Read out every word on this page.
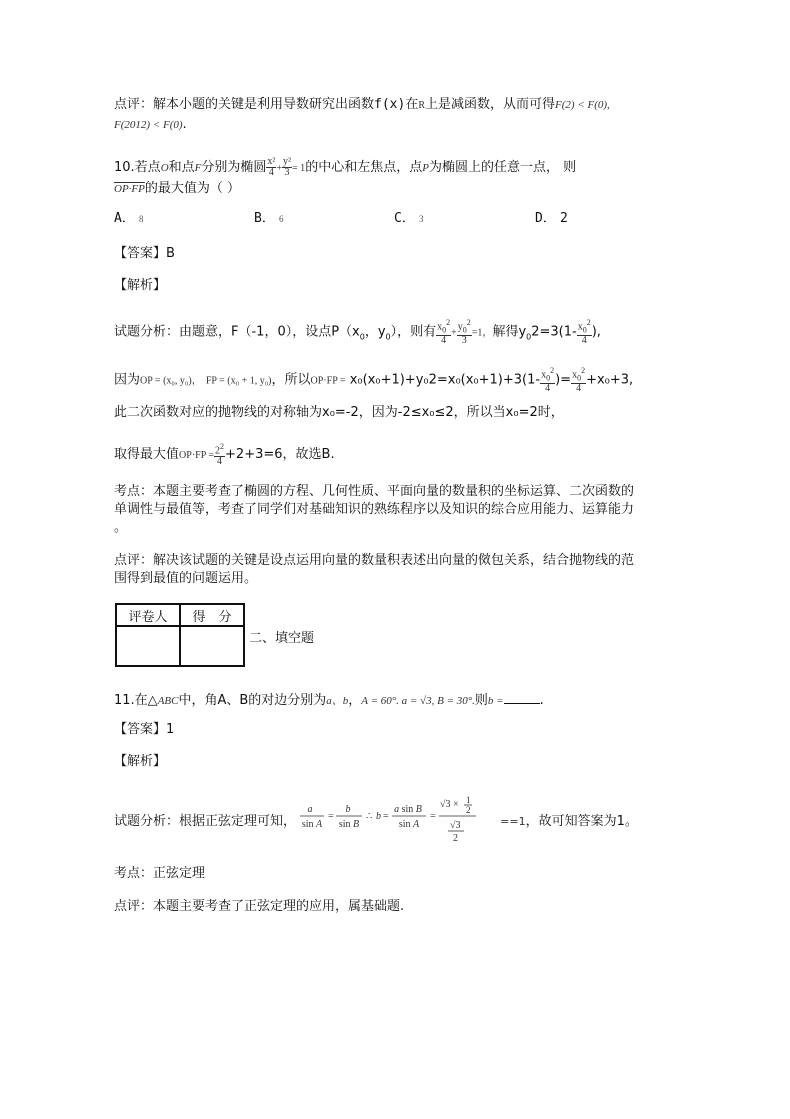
点评：解本小题的关键是利用导数研究出函数f(x)在R上是减函数，从而可得F(2) < F(0),
F(2012) < F(0).
10.若点O和点F分别为椭圆 $\frac{\text{x²}}{4} + \frac{\text{y²}}{3} = 1$的中心和左焦点，点P为椭圆上的任意一点， 则
OP·FP的最大值为（ ）
A． 8	B． 6	C． 3	D． 2
【答案】B
【解析】
试题分析：由题意，F（-1，0），设点$P(x_0$，$y_0$），则有 $\frac{x_0^2}{4} + \frac{y_0^2}{3} =1$，解得$y_02=3(1- \frac{x_0^2}{4}$ ),
因为OP = (x₀, y₀)， FP = (x₀ + 1, y₀)，所以$OP\cdot FP = x_0(x_0+1)+y_02=x_0(x_0+1)+3(1- \frac{x_0^2}{4}$ )= $\frac{x_0^2}{4} +x_0+3$,
此二次函数对应的抛物线的对称轴为x₀=-2，因为-2≤x₀≤2，所以当x₀=2时，
取得最大值$OP\cdot FP = \frac{2^2}{4} +2+3=6$，故选B.
考点：本题主要考查了椭圆的方程、几何性质、平面向量的数量积的坐标运算、二次函数的
单调性与最值等，考查了同学们对基础知识的熟练程序以及知识的综合应用能力、运算能力
。
点评：解决该试题的关键是设点运用向量的数量积表述出向量的傚包关系，结合抛物线的范
围得到最值的问题运用。
评卷人	得　分

二、填空题
11.在△ABC中，角A、B的对边分别为a、b，A = 60°. a = √3, B = 30°.则b =	.
【答案】1
【解析】
试题分析：根据正弦定理可知，
a
sin A
=
b
sin B
∴ b =
a sin B
sin A
=
√3 × 1
2
√3
2
==1，故可知答案为1。
考点：正弦定理
点评：本题主要考查了正弦定理的应用，属基础题.
